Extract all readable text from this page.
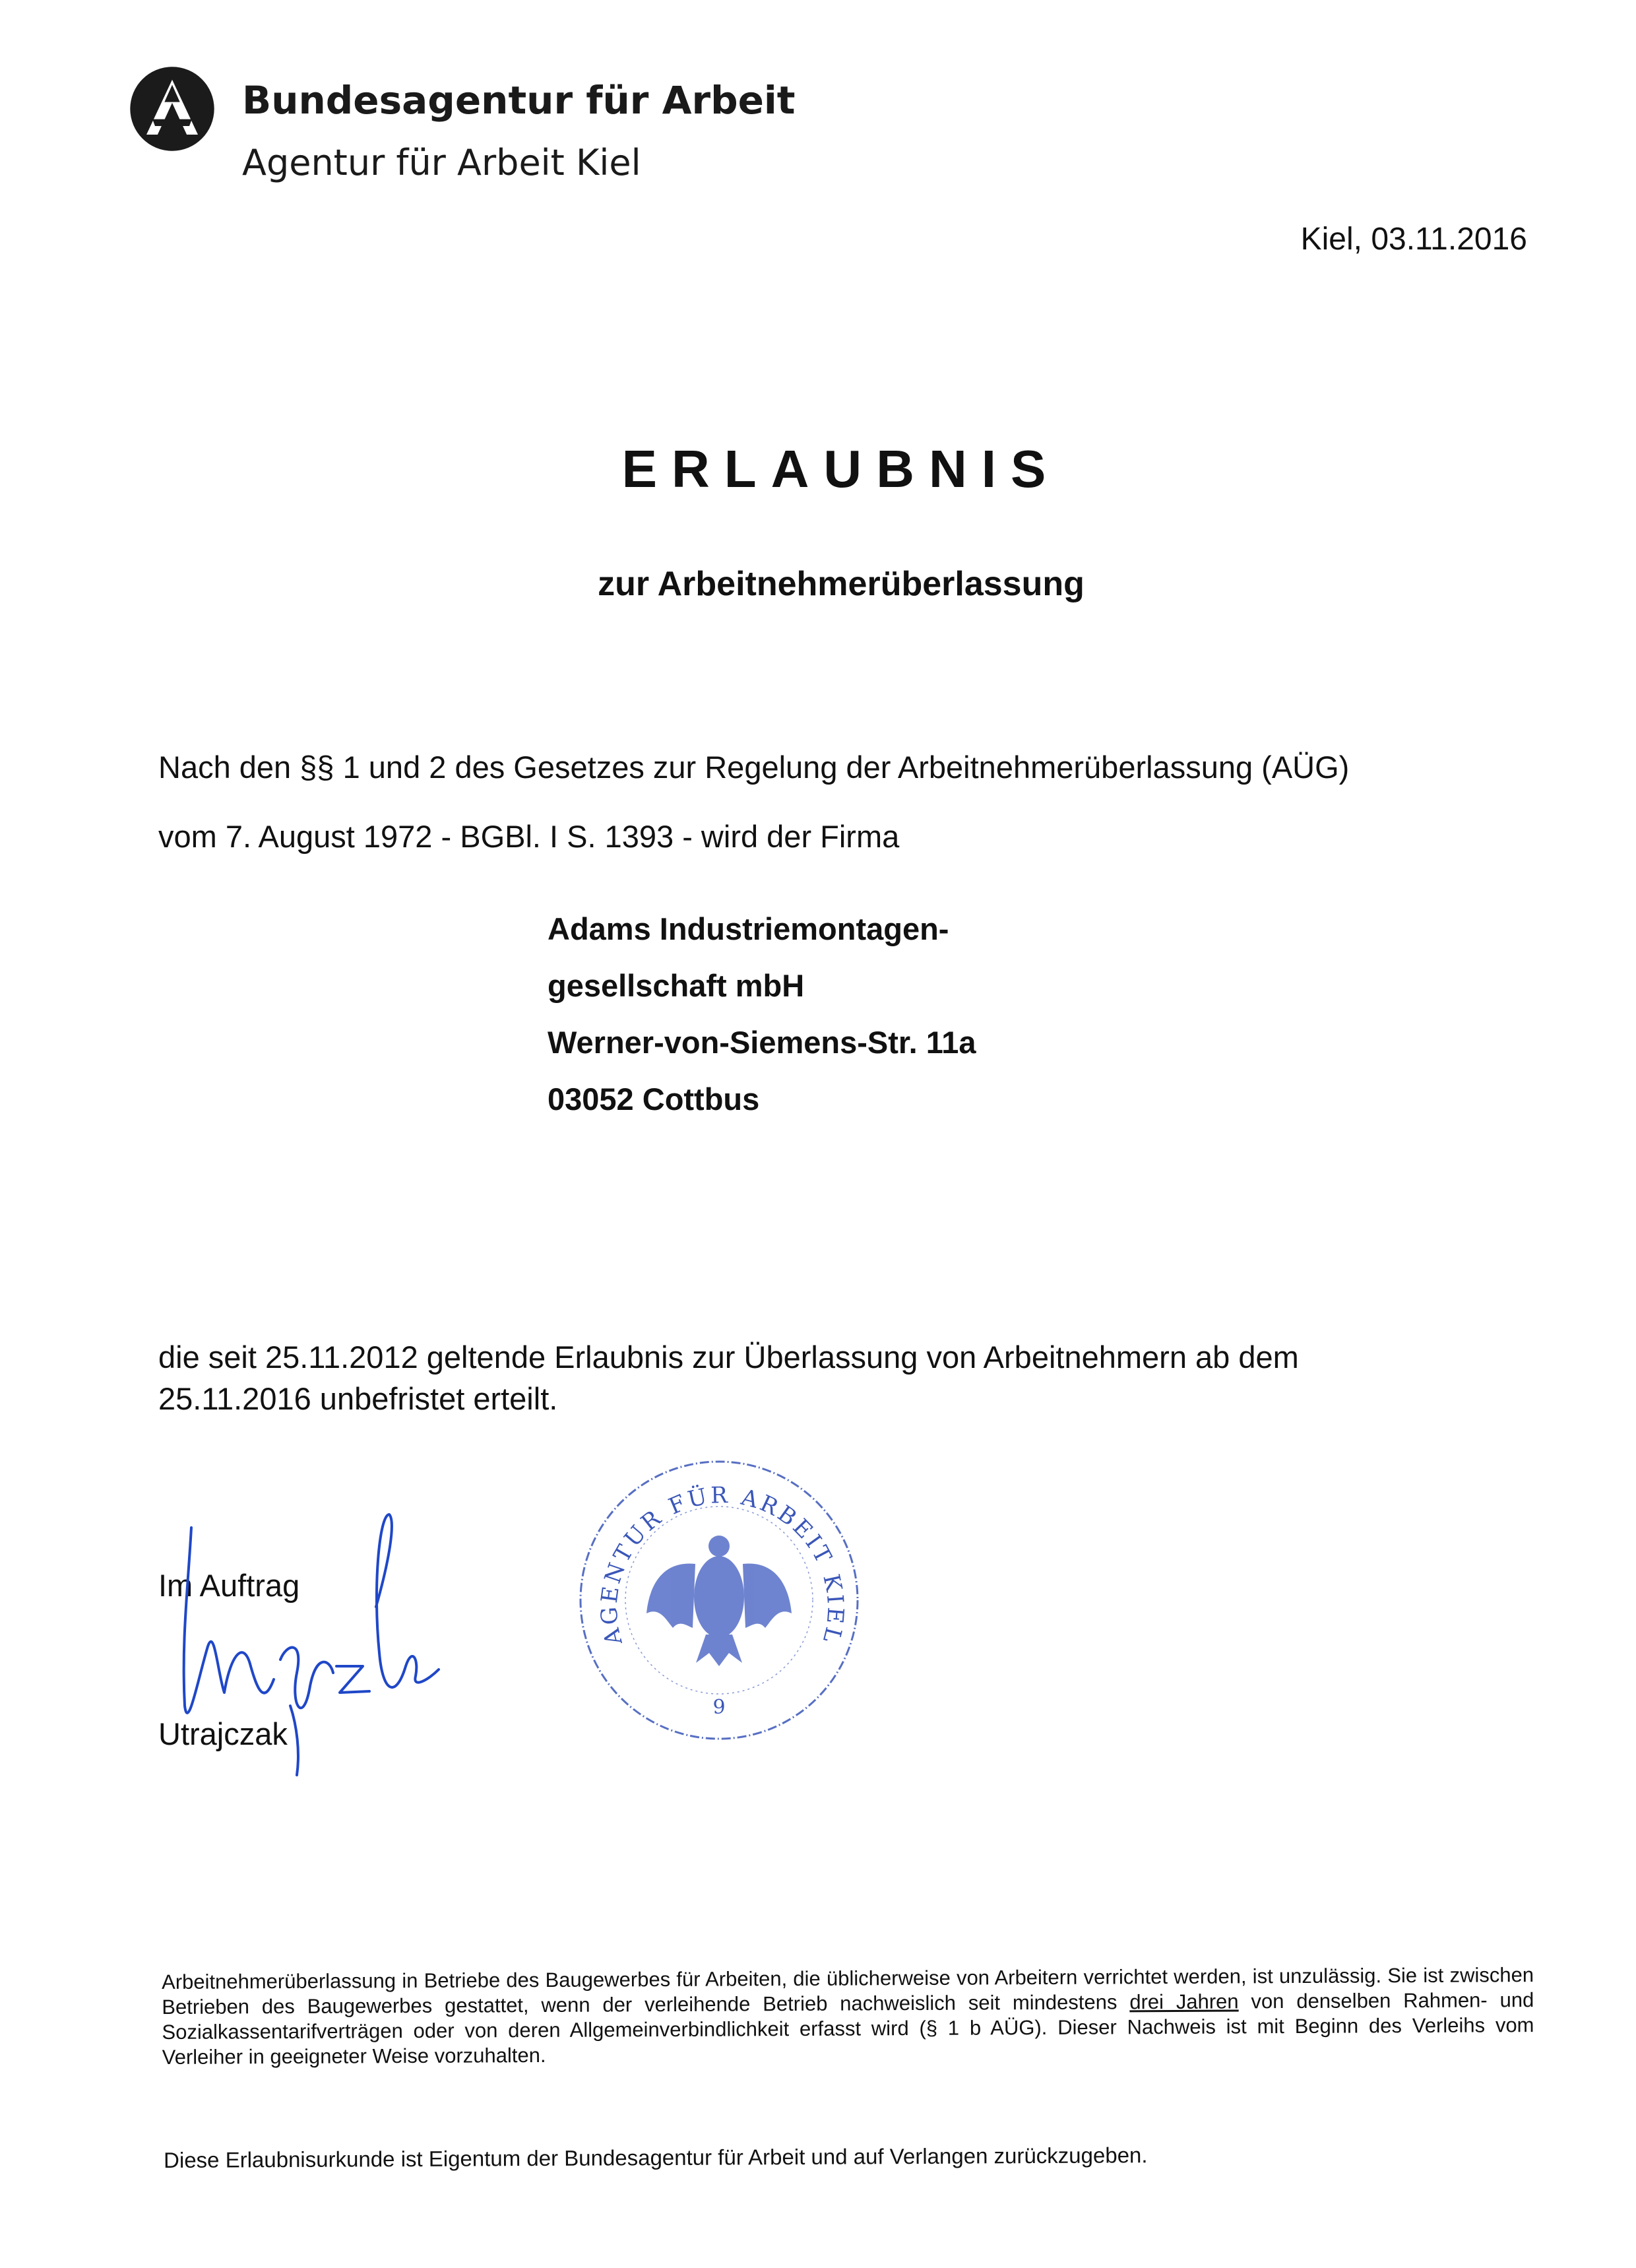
Bundesagentur für Arbeit
Agentur für Arbeit Kiel
Kiel, 03.11.2016
ERLAUBNIS
zur Arbeitnehmerüberlassung

Nach den §§ 1 und 2 des Gesetzes zur Regelung der Arbeitnehmerüberlassung (AÜG)

vom 7. August 1972 - BGBl. I S. 1393 - wird der Firma

Adams Industriemontagen-

gesellschaft mbH

Werner-von-Siemens-Str. 11a

03052 Cottbus

die seit 25.11.2012 geltende Erlaubnis zur Überlassung von Arbeitnehmern ab dem

25.11.2016 unbefristet erteilt.

AGENTUR FÜR ARBEIT KIEL
9
Im Auftrag
Utrajczak

Arbeitnehmerüberlassung in Betriebe des Baugewerbes für Arbeiten, die üblicherweise von Arbeitern verrichtet werden, ist unzulässig. Sie ist zwischen Betrieben des Baugewerbes gestattet, wenn der verleihende Betrieb nachweislich seit mindestens drei Jahren von denselben Rahmen- und Sozialkassentarifverträgen oder von deren Allgemeinverbindlichkeit erfasst wird (§ 1 b AÜG). Dieser Nachweis ist mit Beginn des Verleihs vom Verleiher in geeigneter Weise vorzuhalten.

Diese Erlaubnisurkunde ist Eigentum der Bundesagentur für Arbeit und auf Verlangen zurückzugeben.
